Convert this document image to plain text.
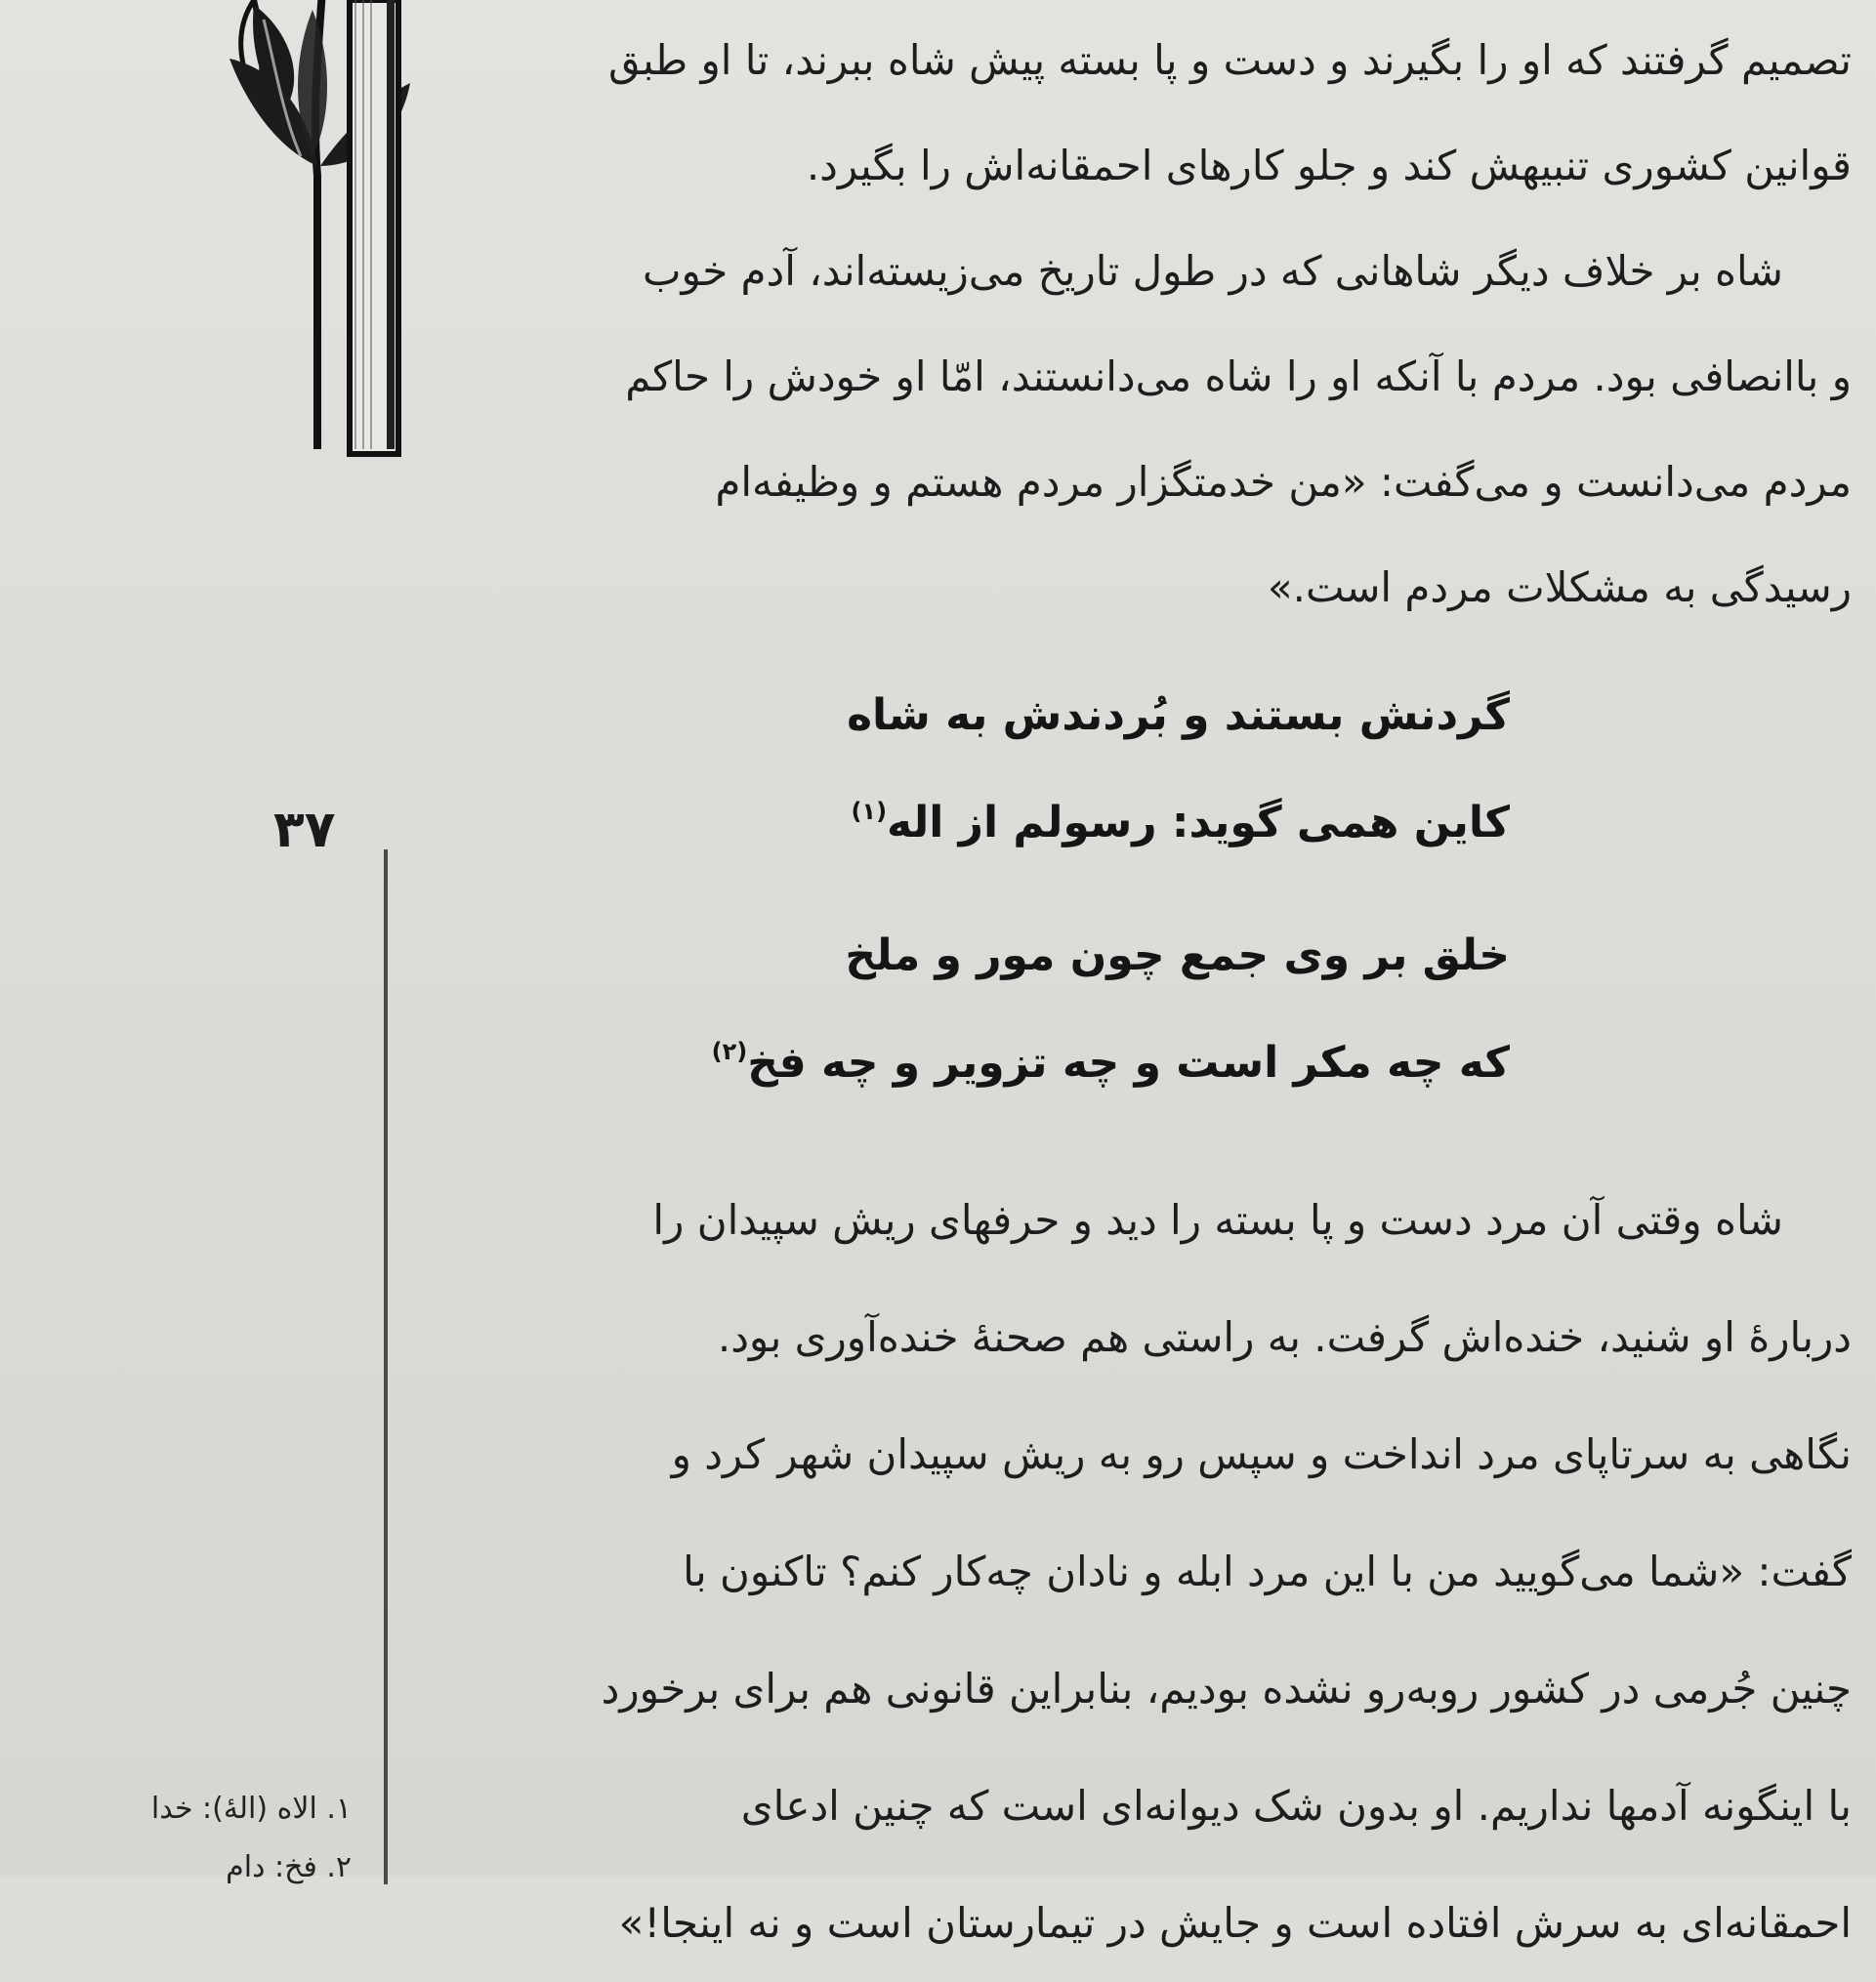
تصمیم گرفتند که او را بگیرند و دست و پا بسته پیش شاه ببرند، تا او طبق
قوانین کشوری تنبیهش کند و جلو کارهای احمقانه‌اش را بگیرد.
شاه بر خلاف دیگر شاهانی که در طول تاریخ می‌زیسته‌اند، آدم خوب
و باانصافی بود. مردم با آنکه او را شاه می‌دانستند، امّا او خودش را حاکم
مردم می‌دانست و می‌گفت: «من خدمتگزار مردم هستم و وظیفه‌ام
رسیدگی به مشکلات مردم است.»
گردنش بستند و بُردندش به شاه
کاین همی گوید: رسولم از اله$^{(۱)}$
خلق بر وی جمع چون مور و ملخ
که چه مکر است و چه تزویر و چه فخ$^{(۲)}$
۳۷
شاه وقتی آن مرد دست و پا بسته را دید و حرفهای ریش سپیدان را
دربارهٔ او شنید، خنده‌اش گرفت. به راستی هم صحنهٔ خنده‌آوری بود.
نگاهی به سرتاپای مرد انداخت و سپس رو به ریش سپیدان شهر کرد و
گفت: «شما می‌گویید من با این مرد ابله و نادان چه‌کار کنم؟ تاکنون با
چنین جُرمی در کشور روبه‌رو نشده بودیم، بنابراین قانونی هم برای برخورد
با اینگونه آدمها نداریم. او بدون شک دیوانه‌ای است که چنین ادعای
احمقانه‌ای به سرش افتاده است و جایش در تیمارستان است و نه اینجا!»
۱. الاه (الهٔ): خدا
۲. فخ: دام
